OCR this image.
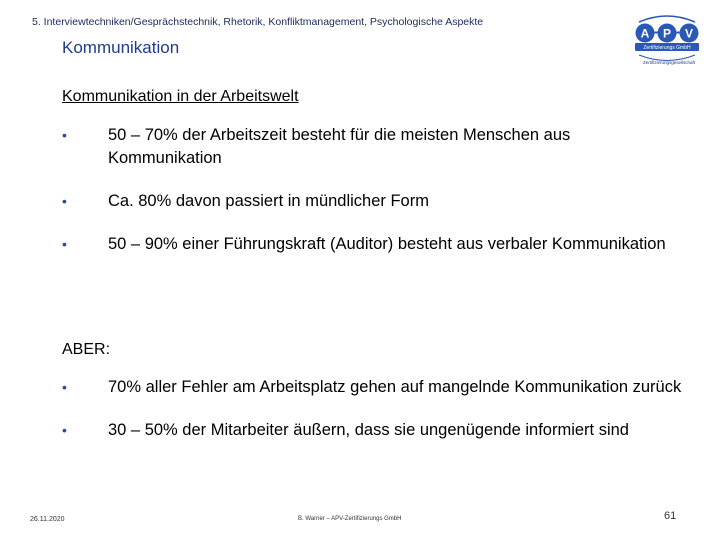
5. Interviewtechniken/Gesprächstechnik, Rhetorik, Konfliktmanagement, Psychologische Aspekte
Kommunikation
A P V
Zertifizierungs GmbH
Zertifizierungsgesellschaft
Kommunikation in der Arbeitswelt
• 50 – 70% der Arbeitszeit besteht für die meisten Menschen aus Kommunikation
• Ca. 80% davon passiert in mündlicher Form
• 50 – 90% einer Führungskraft (Auditor) besteht aus verbaler Kommunikation
ABER:
• 70% aller Fehler am Arbeitsplatz gehen auf mangelnde Kommunikation zurück
• 30 – 50% der Mitarbeiter äußern, dass sie ungenügende informiert sind
26.11.2020	B. Warner – APV-Zertifizierungs GmbH	61
